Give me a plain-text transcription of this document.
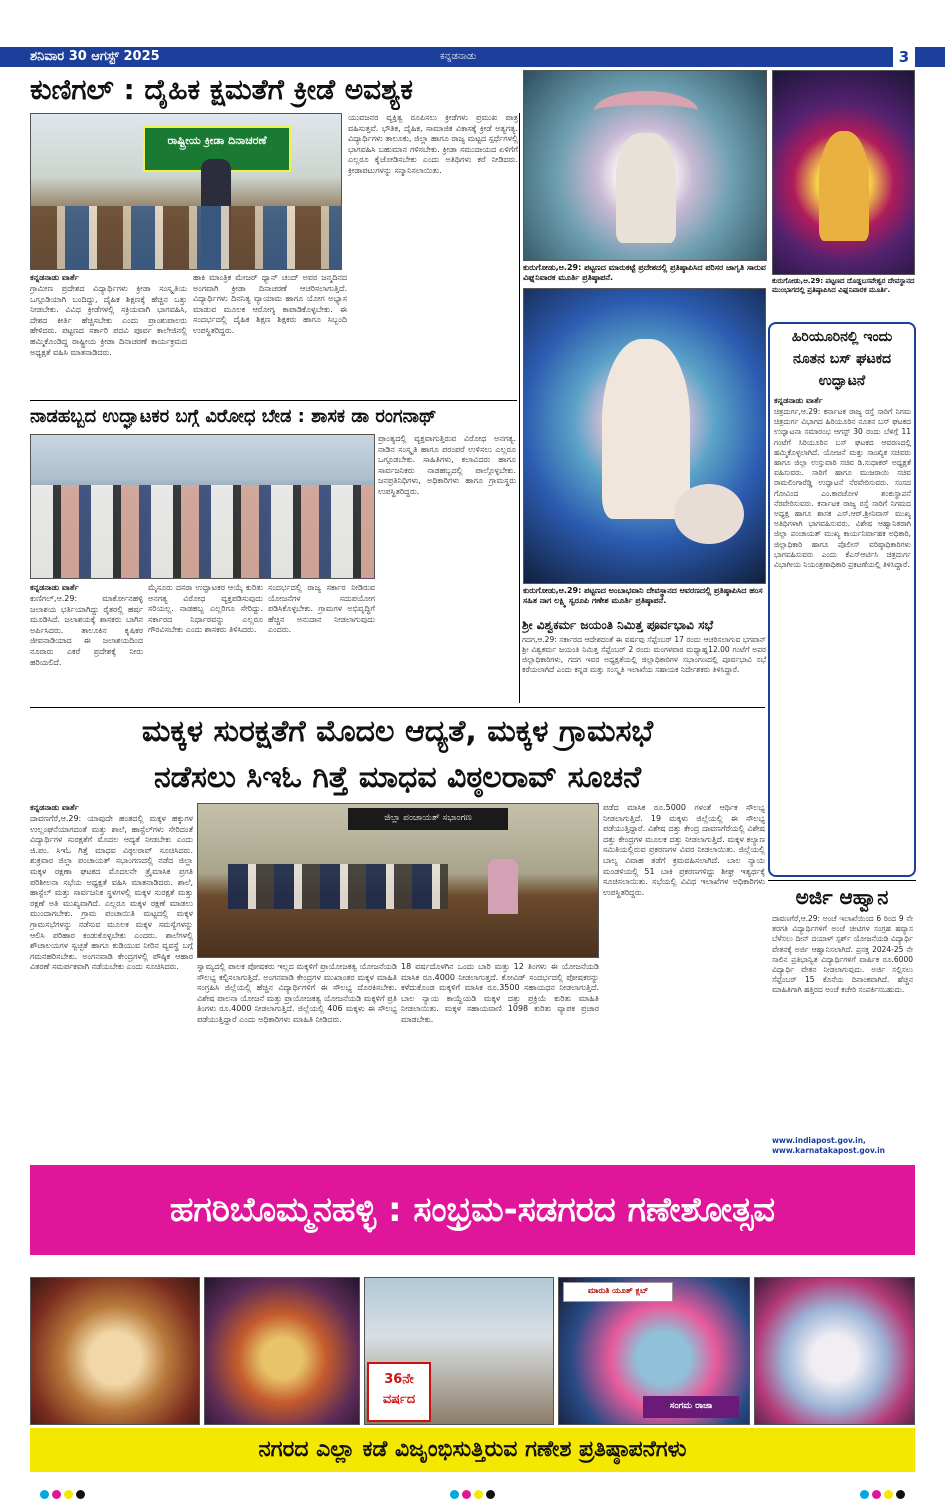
ಶನಿವಾರ 30 ಆಗಸ್ಟ್ 2025	ಕನ್ನಡನಾಡು	3
ಕುಣಿಗಲ್ : ದೈಹಿಕ ಕ್ಷಮತೆಗೆ ಕ್ರೀಡೆ ಅವಶ್ಯಕ
ರಾಷ್ಟ್ರೀಯ ಕ್ರೀಡಾ ದಿನಾಚರಣೆ
ಕನ್ನಡನಾಡು ವಾರ್ತೆ
ಗ್ರಾಮೀಣ ಪ್ರದೇಶದ ವಿದ್ಯಾರ್ಥಿಗಳು ಕ್ರೀಡಾ ಸಂಸ್ಕೃತಿಯ ಒಗ್ಗೂಡಿಯಾಗಿ ಬಂದಿದ್ದು, ದೈಹಿಕ ಶಿಕ್ಷಣಕ್ಕೆ ಹೆಚ್ಚಿನ ಒತ್ತು ನೀಡಬೇಕು. ವಿವಿಧ ಕ್ರೀಡೆಗಳಲ್ಲಿ ಸಕ್ರಿಯವಾಗಿ ಭಾಗವಹಿಸಿ, ದೇಶದ ಕೀರ್ತಿ ಹೆಚ್ಚಿಸಬೇಕು ಎಂದು ಪ್ರಾಂಶುಪಾಲರು ಹೇಳಿದರು. ಪಟ್ಟಣದ ಸರ್ಕಾರಿ ಪದವಿ ಪೂರ್ವ ಕಾಲೇಜಿನಲ್ಲಿ ಹಮ್ಮಿಕೊಂಡಿದ್ದ ರಾಷ್ಟ್ರೀಯ ಕ್ರೀಡಾ ದಿನಾಚರಣೆ ಕಾರ್ಯಕ್ರಮದ ಅಧ್ಯಕ್ಷತೆ ವಹಿಸಿ ಮಾತನಾಡಿದರು.
ಹಾಕಿ ಮಾಂತ್ರಿಕ ಮೇಜರ್ ಧ್ಯಾನ್ ಚಂದ್ ಅವರ ಜನ್ಮದಿನದ ಅಂಗವಾಗಿ ಕ್ರೀಡಾ ದಿನಾಚರಣೆ ಆಚರಿಸಲಾಗುತ್ತಿದೆ. ವಿದ್ಯಾರ್ಥಿಗಳು ದಿನನಿತ್ಯ ವ್ಯಾಯಾಮ ಹಾಗೂ ಯೋಗ ಅಭ್ಯಾಸ ಮಾಡುವ ಮೂಲಕ ಆರೋಗ್ಯ ಕಾಪಾಡಿಕೊಳ್ಳಬೇಕು. ಈ ಸಂದರ್ಭದಲ್ಲಿ ದೈಹಿಕ ಶಿಕ್ಷಣ ಶಿಕ್ಷಕರು ಹಾಗೂ ಸಿಬ್ಬಂದಿ ಉಪಸ್ಥಿತರಿದ್ದರು.
ಯುವಜನರ ವ್ಯಕ್ತಿತ್ವ ರೂಪಿಸಲು ಕ್ರೀಡೆಗಳು ಪ್ರಮುಖ ಪಾತ್ರ ವಹಿಸುತ್ತವೆ. ಭೌತಿಕ, ದೈಹಿಕ, ಸಾಮಾಜಿಕ ವಿಕಾಸಕ್ಕೆ ಕ್ರೀಡೆ ಅತ್ಯಗತ್ಯ. ವಿದ್ಯಾರ್ಥಿಗಳು ತಾಲೂಕು, ಜಿಲ್ಲಾ ಹಾಗೂ ರಾಜ್ಯ ಮಟ್ಟದ ಸ್ಪರ್ಧೆಗಳಲ್ಲಿ ಭಾಗವಹಿಸಿ ಬಹುಮಾನ ಗಳಿಸಬೇಕು. ಕ್ರೀಡಾ ಸಮುದಾಯದ ಏಳಿಗೆಗೆ ಎಲ್ಲರೂ ಕೈಜೋಡಿಸಬೇಕು ಎಂದು ಅತಿಥಿಗಳು ಕರೆ ನೀಡಿದರು. ಕ್ರೀಡಾಪಟುಗಳನ್ನು ಸನ್ಮಾನಿಸಲಾಯಿತು.
ಕುರುಗೋಡು,ಆ.29: ಪಟ್ಟಣದ ಮಾರುಕಟ್ಟೆ ಪ್ರದೇಶದಲ್ಲಿ ಪ್ರತಿಷ್ಠಾಪಿಸಿದ ಪರಿಸರ ಜಾಗೃತಿ ಸಾರುವ ವಿಘ್ನನಿವಾರಕ ಮೂರ್ತಿ ಪ್ರತಿಷ್ಠಾಪನೆ.	ಕುರುಗೋಡು,ಆ.29: ಪಟ್ಟಣದ ದೊಡ್ಡಬಸವೇಶ್ವರ ದೇವಸ್ಥಾನದ ಮುಂಭಾಗದಲ್ಲಿ ಪ್ರತಿಷ್ಠಾಪಿಸಿದ ವಿಘ್ನನಿವಾರಕ ಮೂರ್ತಿ.
ಹಿರಿಯೂರಿನಲ್ಲಿ ಇಂದು
ನೂತನ ಬಸ್ ಘಟಕದ
ಉದ್ಘಾಟನೆ
ಕನ್ನಡನಾಡು ವಾರ್ತೆ
ಚಿತ್ರದುರ್ಗ,ಆ.29: ಕರ್ನಾಟಕ ರಾಜ್ಯ ರಸ್ತೆ ಸಾರಿಗೆ ನಿಗಮ ಚಿತ್ರದುರ್ಗ ವಿಭಾಗದ ಹಿರಿಯೂರಿನ ನೂತನ ಬಸ್ ಘಟಕದ ಉದ್ಘಾಟನಾ ಸಮಾರಂಭ ಆಗಸ್ಟ್ 30 ರಂದು ಬೆಳಿಗ್ಗೆ 11 ಗಂಟೆಗೆ ಸಿರಿಯೂರಿನ ಬಸ್ ಘಟಕದ ಆವರಣದಲ್ಲಿ ಹಮ್ಮಿಕೊಳ್ಳಲಾಗಿದೆ. ಯೋಜನೆ ಮತ್ತು ಸಾಂಖ್ಯಿಕ ಸಚಿವರು ಹಾಗೂ ಜಿಲ್ಲಾ ಉಸ್ತುವಾರಿ ಸಚಿವ ಡಿ.ಸುಧಾಕರ್ ಅಧ್ಯಕ್ಷತೆ ವಹಿಸುವರು. ಸಾರಿಗೆ ಹಾಗೂ ಮುಜರಾಯಿ ಸಚಿವ ರಾಮಲಿಂಗಾರೆಡ್ಡಿ ಉದ್ಘಾಟನೆ ನೆರವೇರಿಸುವರು. ಸಂಸದ ಗೋವಿಂದ ಎಂ.ಕಾರಜೋಳ ಶಂಕುಸ್ಥಾಪನೆ ನೆರವೇರಿಸುವರು. ಕರ್ನಾಟಕ ರಾಜ್ಯ ರಸ್ತೆ ಸಾರಿಗೆ ನಿಗಮದ ಅಧ್ಯಕ್ಷ ಹಾಗೂ ಶಾಸಕ ಎಸ್.ಆರ್.ಶ್ರೀನಿವಾಸ್ ಮುಖ್ಯ ಅತಿಥಿಗಳಾಗಿ ಭಾಗವಹಿಸುವರು. ವಿಶೇಷ ಆಹ್ವಾನಿತರಾಗಿ ಜಿಲ್ಲಾ ಪಂಚಾಯತ್ ಮುಖ್ಯ ಕಾರ್ಯನಿರ್ವಾಹಕ ಅಧಿಕಾರಿ, ಜಿಲ್ಲಾಧಿಕಾರಿ ಹಾಗೂ ಪೊಲೀಸ್ ವರಿಷ್ಠಾಧಿಕಾರಿಗಳು ಭಾಗವಹಿಸುವರು ಎಂದು ಕೆಎಸ್ಆರ್ಟಿಸಿ ಚಿತ್ರದುರ್ಗ ವಿಭಾಗೀಯ ನಿಯಂತ್ರಣಾಧಿಕಾರಿ ಪ್ರಕಟಣೆಯಲ್ಲಿ ತಿಳಿಸಿದ್ದಾರೆ.
ಕುರುಗೋಡು,ಆ.29: ಪಟ್ಟಣದ ಅಂಬಾಭವಾನಿ ದೇವಸ್ಥಾನದ ಆವರಣದಲ್ಲಿ ಪ್ರತಿಷ್ಠಾಪಿಸಿದ ಹಂಸ ಸಹಿತ ನಾಗ ಲಕ್ಷ್ಮಿ ಸ್ವರೂಪಿ ಗಣೇಶ ಮೂರ್ತಿ ಪ್ರತಿಷ್ಠಾಪನೆ.
ನಾಡಹಬ್ಬದ ಉದ್ಘಾಟಕರ ಬಗ್ಗೆ ವಿರೋಧ ಬೇಡ : ಶಾಸಕ ಡಾ ರಂಗನಾಥ್
ಪ್ರಾಂತ್ಯದಲ್ಲಿ ವ್ಯಕ್ತವಾಗುತ್ತಿರುವ ವಿರೋಧ ಅನಗತ್ಯ. ನಾಡಿನ ಸಂಸ್ಕೃತಿ ಹಾಗೂ ಪರಂಪರೆ ಉಳಿಸಲು ಎಲ್ಲರೂ ಒಗ್ಗೂಡಬೇಕು. ಸಾಹಿತಿಗಳು, ಕಲಾವಿದರು ಹಾಗೂ ಸಾರ್ವಜನಿಕರು ನಾಡಹಬ್ಬದಲ್ಲಿ ಪಾಲ್ಗೊಳ್ಳಬೇಕು. ಜನಪ್ರತಿನಿಧಿಗಳು, ಅಧಿಕಾರಿಗಳು ಹಾಗೂ ಗ್ರಾಮಸ್ಥರು ಉಪಸ್ಥಿತರಿದ್ದರು.
ಕನ್ನಡನಾಡು ವಾರ್ತೆ
ಕುಣಿಗಲ್,ಆ.29: ಮಾರ್ಕೋನಹಳ್ಳಿ ಜಲಾಶಯ ಭರ್ತಿಯಾಗಿದ್ದು ರೈತರಲ್ಲಿ ಹರ್ಷ ಮೂಡಿಸಿದೆ. ಜಲಾಶಯಕ್ಕೆ ಶಾಸಕರು ಬಾಗಿನ ಅರ್ಪಿಸಿದರು. ತಾಲೂಕಿನ ಕೃಷಿಕರ ಜೀವನಾಡಿಯಾದ ಈ ಜಲಾಶಯದಿಂದ ನೂರಾರು ಎಕರೆ ಪ್ರದೇಶಕ್ಕೆ ನೀರು ಹರಿಯಲಿದೆ.
ಮೈಸೂರು ದಸರಾ ಉದ್ಘಾಟಕರ ಆಯ್ಕೆ ಕುರಿತು ಅನಗತ್ಯ ವಿರೋಧ ವ್ಯಕ್ತಪಡಿಸುವುದು ಸರಿಯಲ್ಲ. ನಾಡಹಬ್ಬ ಎಲ್ಲರಿಗೂ ಸೇರಿದ್ದು. ಸರ್ಕಾರದ ನಿರ್ಧಾರವನ್ನು ಎಲ್ಲರೂ ಗೌರವಿಸಬೇಕು ಎಂದು ಶಾಸಕರು ತಿಳಿಸಿದರು.
ಸಂದರ್ಭದಲ್ಲಿ ರಾಜ್ಯ ಸರ್ಕಾರ ನೀಡಿರುವ ಯೋಜನೆಗಳ ಸದುಪಯೋಗ ಪಡಿಸಿಕೊಳ್ಳಬೇಕು. ಗ್ರಾಮಗಳ ಅಭಿವೃದ್ಧಿಗೆ ಹೆಚ್ಚಿನ ಅನುದಾನ ನೀಡಲಾಗುವುದು ಎಂದರು.	ಶ್ರೀ ವಿಶ್ವಕರ್ಮ ಜಯಂತಿ ನಿಮಿತ್ತ ಪೂರ್ವಭಾವಿ ಸಭೆ
ಗದಗ,ಆ.29: ಸರ್ಕಾರದ ಆದೇಶದಂತೆ ಈ ವರ್ಷವು ಸೆಪ್ಟೆಂಬರ್ 17 ರಂದು ಆಚರಿಸಲಾಗುವ ಭಗವಾನ್ ಶ್ರೀ ವಿಶ್ವಕರ್ಮ ಜಯಂತಿ ನಿಮಿತ್ತ ಸೆಪ್ಟೆಂಬರ್ 2 ರಂದು ಮಂಗಳವಾರ ಮಧ್ಯಾಹ್ನ12.00 ಗಂಟೆಗೆ ಅಪರ ಜಿಲ್ಲಾಧಿಕಾರಿಗಳು, ಗದಗ ಇವರ ಅಧ್ಯಕ್ಷತೆಯಲ್ಲಿ ಜಿಲ್ಲಾಧಿಕಾರಿಗಳ ಸಭಾಂಗಣದಲ್ಲಿ ಪೂರ್ವಭಾವಿ ಸಭೆ ಕರೆಯಲಾಗಿದೆ ಎಂದು ಕನ್ನಡ ಮತ್ತು ಸಂಸ್ಕೃತಿ ಇಲಾಖೆಯ ಸಹಾಯಕ ನಿರ್ದೇಶಕರು ತಿಳಿಸಿದ್ದಾರೆ.
ಮಕ್ಕಳ ಸುರಕ್ಷತೆಗೆ ಮೊದಲ ಆದ್ಯತೆ, ಮಕ್ಕಳ ಗ್ರಾಮಸಭೆ
ನಡೆಸಲು ಸಿಇಓ ಗಿತ್ತೆ ಮಾಧವ ವಿಠ್ಠಲರಾವ್ ಸೂಚನೆ
ಜಿಲ್ಲಾ ಪಂಚಾಯತ್ ಸಭಾಂಗಣ
ಕನ್ನಡನಾಡು ವಾರ್ತೆ
ದಾವಣಗೆರೆ,ಆ.29: ಯಾವುದೇ ಹಂತದಲ್ಲಿ ಮಕ್ಕಳ ಹಕ್ಕುಗಳ ಉಲ್ಲಂಘನೆಯಾಗದಂತೆ ಮತ್ತು ಶಾಲೆ, ಹಾಸ್ಟೆಲ್‍ಗಳು ಸೇರಿದಂತೆ ವಿದ್ಯಾರ್ಥಿಗಳ ಸುರಕ್ಷತೆಗೆ ಮೊದಲ ಆದ್ಯತೆ ನೀಡಬೇಕು ಎಂದು ಜಿ.ಪಂ. ಸಿಇಓ ಗಿತ್ತೆ ಮಾಧವ ವಿಠ್ಠಲರಾವ್ ಸೂಚಿಸಿದರು. ಶುಕ್ರವಾರ ಜಿಲ್ಲಾ ಪಂಚಾಯತ್ ಸಭಾಂಗಣದಲ್ಲಿ ನಡೆದ ಜಿಲ್ಲಾ ಮಕ್ಕಳ ರಕ್ಷಣಾ ಘಟಕದ ಮೊದಲನೇ ತ್ರೈಮಾಸಿಕ ಪ್ರಗತಿ ಪರಿಶೀಲನಾ ಸಭೆಯ ಅಧ್ಯಕ್ಷತೆ ವಹಿಸಿ ಮಾತನಾಡಿದರು. ಶಾಲೆ, ಹಾಸ್ಟೆಲ್ ಮತ್ತು ಸಾರ್ವಜನಿಕ ಸ್ಥಳಗಳಲ್ಲಿ ಮಕ್ಕಳ ಸುರಕ್ಷತೆ ಮತ್ತು ರಕ್ಷಣೆ ಅತಿ ಮುಖ್ಯವಾಗಿದೆ. ಎಲ್ಲರೂ ಮಕ್ಕಳ ರಕ್ಷಣೆ ಮಾಡಲು ಮುಂದಾಗಬೇಕು. ಗ್ರಾಮ ಪಂಚಾಯಿತಿ ಮಟ್ಟದಲ್ಲಿ ಮಕ್ಕಳ ಗ್ರಾಮಸಭೆಗಳನ್ನು ನಡೆಸುವ ಮೂಲಕ ಮಕ್ಕಳ ಸಮಸ್ಯೆಗಳನ್ನು ಆಲಿಸಿ ಪರಿಹಾರ ಕಂಡುಕೊಳ್ಳಬೇಕು ಎಂದರು. ಶಾಲೆಗಳಲ್ಲಿ ಶೌಚಾಲಯಗಳ ಸ್ವಚ್ಛತೆ ಹಾಗೂ ಕುಡಿಯುವ ನೀರಿನ ವ್ಯವಸ್ಥೆ ಬಗ್ಗೆ ಗಮನಹರಿಸಬೇಕು. ಅಂಗನವಾಡಿ ಕೇಂದ್ರಗಳಲ್ಲಿ ಪೌಷ್ಠಿಕ ಆಹಾರ ವಿತರಣೆ ಸಮರ್ಪಕವಾಗಿ ನಡೆಯಬೇಕು ಎಂದು ಸೂಚಿಸಿದರು.	ಸ್ವಾಮ್ಯದಲ್ಲಿ ಪಾಲಕ ಪೋಷಕರು ಇಲ್ಲದ ಮಕ್ಕಳಿಗೆ ಪ್ರಾಯೋಜಕತ್ವ ಯೋಜನೆಯಡಿ ಸೌಲಭ್ಯ ಕಲ್ಪಿಸಲಾಗುತ್ತಿದೆ. ಅಂಗನವಾಡಿ ಕೇಂದ್ರಗಳ ಮುಖಾಂತರ ಮಕ್ಕಳ ಮಾಹಿತಿ ಸಂಗ್ರಹಿಸಿ ಜಿಲ್ಲೆಯಲ್ಲಿ ಹೆಚ್ಚಿನ ವಿದ್ಯಾರ್ಥಿಗಳಿಗೆ ಈ ಸೌಲಭ್ಯ ದೊರಕಿಸಬೇಕು. ವಿಶೇಷ ಪಾಲನಾ ಯೋಜನೆ ಮತ್ತು ಪ್ರಾಯೋಜಕತ್ವ ಯೋಜನೆಯಡಿ ಮಕ್ಕಳಿಗೆ ಪ್ರತಿ ತಿಂಗಳು ರೂ.4000 ನೀಡಲಾಗುತ್ತಿದೆ. ಜಿಲ್ಲೆಯಲ್ಲಿ 406 ಮಕ್ಕಳು ಈ ಸೌಲಭ್ಯ ಪಡೆಯುತ್ತಿದ್ದಾರೆ ಎಂದು ಅಧಿಕಾರಿಗಳು ಮಾಹಿತಿ ನೀಡಿದರು.
18 ವರ್ಷದೊಳಗಿನ ಒಂದು ಬಾರಿ ಮತ್ತು 12 ತಿಂಗಳು ಈ ಯೋಜನೆಯಡಿ ಮಾಸಿಕ ರೂ.4000 ನೀಡಲಾಗುತ್ತದೆ. ಕೋವಿಡ್ ಸಂದರ್ಭದಲ್ಲಿ ಪೋಷಕರನ್ನು ಕಳೆದುಕೊಂಡ ಮಕ್ಕಳಿಗೆ ಮಾಸಿಕ ರೂ.3500 ಸಹಾಯಧನ ನೀಡಲಾಗುತ್ತಿದೆ. ಬಾಲ ನ್ಯಾಯ ಕಾಯ್ದೆಯಡಿ ಮಕ್ಕಳ ದತ್ತು ಪ್ರಕ್ರಿಯೆ ಕುರಿತು ಮಾಹಿತಿ ನೀಡಲಾಯಿತು. ಮಕ್ಕಳ ಸಹಾಯವಾಣಿ 1098 ಕುರಿತು ವ್ಯಾಪಕ ಪ್ರಚಾರ ಮಾಡಬೇಕು.
ಪಡೆದ ಮಾಸಿಕ ರೂ.5000 ಗಳಂತೆ ಆರ್ಥಿಕ ಸೌಲಭ್ಯ ನೀಡಲಾಗುತ್ತಿದೆ. 19 ಮಕ್ಕಳು ಜಿಲ್ಲೆಯಲ್ಲಿ ಈ ಸೌಲಭ್ಯ ಪಡೆಯುತ್ತಿದ್ದಾರೆ. ವಿಶೇಷ ದತ್ತು ಕೇಂದ್ರ ದಾವಣಗೆರೆಯಲ್ಲಿ ವಿಶೇಷ ದತ್ತು ಕೇಂದ್ರಗಳ ಮೂಲಕ ದತ್ತು ನೀಡಲಾಗುತ್ತಿದೆ. ಮಕ್ಕಳ ಕಲ್ಯಾಣ ಸಮಿತಿಯಲ್ಲಿರುವ ಪ್ರಕರಣಗಳ ವಿವರ ನೀಡಲಾಯಿತು. ಜಿಲ್ಲೆಯಲ್ಲಿ ಬಾಲ್ಯ ವಿವಾಹ ತಡೆಗೆ ಕ್ರಮವಹಿಸಲಾಗಿದೆ. ಬಾಲ ನ್ಯಾಯ ಮಂಡಳಿಯಲ್ಲಿ 51 ಬಾಕಿ ಪ್ರಕರಣಗಳಿದ್ದು ಶೀಘ್ರ ಇತ್ಯರ್ಥಕ್ಕೆ ಸೂಚಿಸಲಾಯಿತು. ಸಭೆಯಲ್ಲಿ ವಿವಿಧ ಇಲಾಖೆಗಳ ಅಧಿಕಾರಿಗಳು ಉಪಸ್ಥಿತರಿದ್ದರು.	ಅರ್ಜಿ ಆಹ್ವಾನ
ದಾವಣಗೆರೆ,ಆ.29: ಅಂಚೆ ಇಲಾಖೆಯಿಂದ 6 ರಿಂದ 9 ನೇ ತರಗತಿ ವಿದ್ಯಾರ್ಥಿಗಳಿಗೆ ಅಂಚೆ ಚೀಟಿಗಳ ಸಂಗ್ರಹ ಹವ್ಯಾಸ ಬೆಳೆಸಲು ದೀನ್ ದಯಾಳ್ ಸ್ಪರ್ಶ್ ಯೋಜನೆಯಡಿ ವಿದ್ಯಾರ್ಥಿ ವೇತನಕ್ಕೆ ಅರ್ಜಿ ಆಹ್ವಾನಿಸಲಾಗಿದೆ. ಪ್ರಸಕ್ತ 2024-25 ನೇ ಸಾಲಿನ ಪ್ರತಿಭಾನ್ವಿತ ವಿದ್ಯಾರ್ಥಿಗಳಿಗೆ ವಾರ್ಷಿಕ ರೂ.6000 ವಿದ್ಯಾರ್ಥಿ ವೇತನ ನೀಡಲಾಗುವುದು. ಅರ್ಜಿ ಸಲ್ಲಿಸಲು ಸೆಪ್ಟೆಂಬರ್ 15 ಕೊನೆಯ ದಿನಾಂಕವಾಗಿದೆ. ಹೆಚ್ಚಿನ ಮಾಹಿತಿಗಾಗಿ ಹತ್ತಿರದ ಅಂಚೆ ಕಚೇರಿ ಸಂಪರ್ಕಿಸಬಹುದು.
www.indiapost.gov.in, www.karnatakapost.gov.in
ಹಗರಿಬೊಮ್ಮನಹಳ್ಳಿ : ಸಂಭ್ರಮ-ಸಡಗರದ ಗಣೇಶೋತ್ಸವ
36ನೇ ವರ್ಷದ
ಮಾರುತಿ ಯೂತ್ ಕ್ಲಬ್
ಸಂಗಮ ರಾಜಾ
ನಗರದ ಎಲ್ಲಾ ಕಡೆ ವಿಜೃಂಭಿಸುತ್ತಿರುವ ಗಣೇಶ ಪ್ರತಿಷ್ಠಾಪನೆಗಳು
